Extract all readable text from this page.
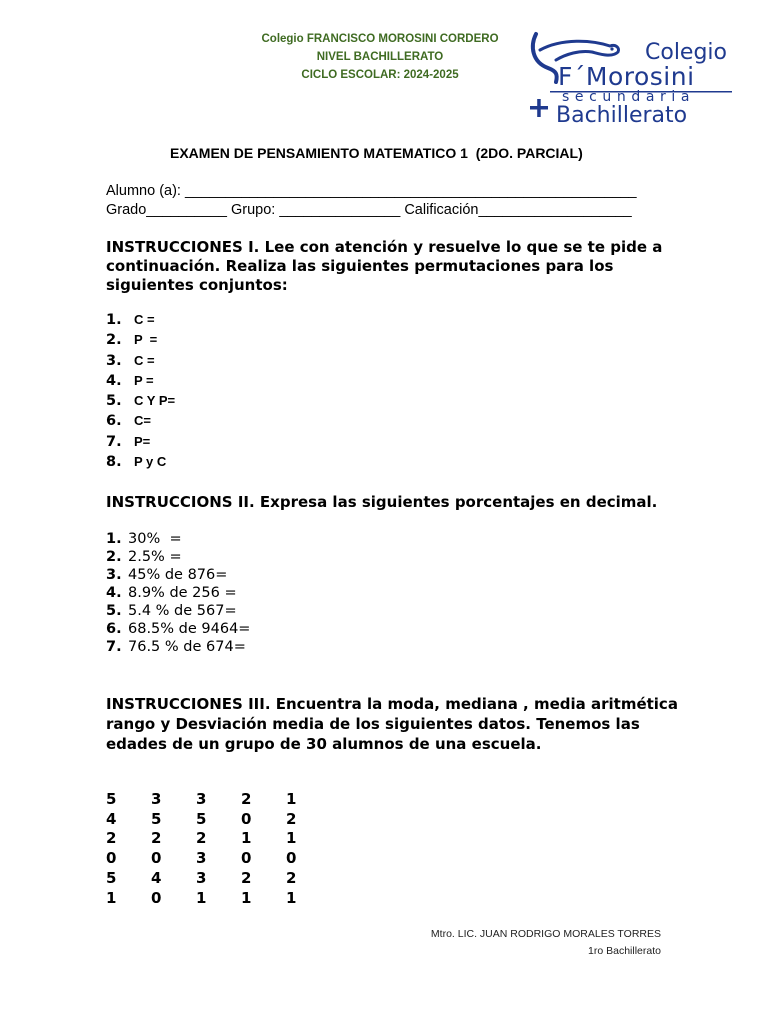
Colegio FRANCISCO MOROSINI CORDERO
NIVEL BACHILLERATO
CICLO ESCOLAR: 2024-2025
Colegio
F´Morosini
secundaria
Bachillerato
EXAMEN DE PENSAMIENTO MATEMATICO 1  (2DO. PARCIAL)
Alumno (a): ________________________________________________________
Grado__________ Grupo: _______________ Calificación___________________
INSTRUCCIONES I. Lee con atención y resuelve lo que se te pide a continuación. Realiza las siguientes permutaciones para los siguientes conjuntos:
1. C =
2. P  =
3. C =
4. P =
5. C Y P=
6. C=
7. P=
8. P y C
INSTRUCCIONS II. Expresa las siguientes porcentajes en decimal.
1. 30%  =
2. 2.5% =
3. 45% de 876=
4. 8.9% de 256 =
5. 5.4 % de 567=
6. 68.5% de 9464=
7. 76.5 % de 674=
INSTRUCCIONES III. Encuentra la moda, mediana , media aritmética rango y Desviación media de los siguientes datos. Tenemos las edades de un grupo de 30 alumnos de una escuela.
5	3	3	2	1
4	5	5	0	2
2	2	2	1	1
0	0	3	0	0
5	4	3	2	2
1	0	1	1	1
Mtro. LIC. JUAN RODRIGO MORALES TORRES
1ro Bachillerato
